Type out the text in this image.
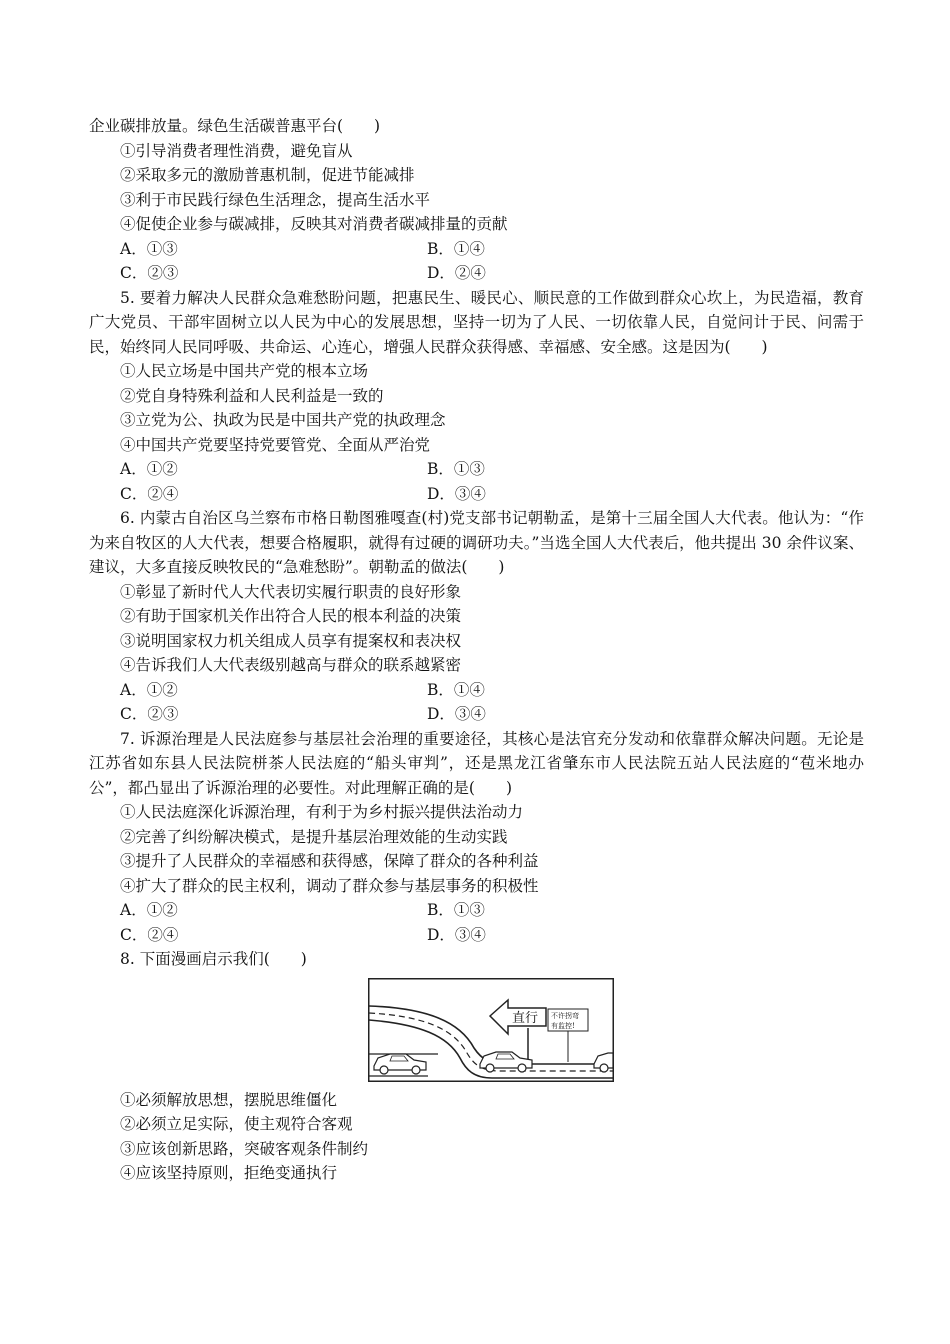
企业碳排放量。绿色生活碳普惠平台(　　)
①引导消费者理性消费，避免盲从
②采取多元的激励普惠机制，促进节能减排
③利于市民践行绿色生活理念，提高生活水平
④促使企业参与碳减排，反映其对消费者碳减排量的贡献
A．①③	B．①④
C．②③	D．②④
5. 要着力解决人民群众急难愁盼问题，把惠民生、暖民心、顺民意的工作做到群众心坎上，为民造福，教育广大党员、干部牢固树立以人民为中心的发展思想，坚持一切为了人民、一切依靠人民，自觉问计于民、问需于民，始终同人民同呼吸、共命运、心连心，增强人民群众获得感、幸福感、安全感。这是因为(　　)
①人民立场是中国共产党的根本立场
②党自身特殊利益和人民利益是一致的
③立党为公、执政为民是中国共产党的执政理念
④中国共产党要坚持党要管党、全面从严治党
A．①②	B．①③
C．②④	D．③④
6. 内蒙古自治区乌兰察布市格日勒图雅嘎查(村)党支部书记朝勒孟，是第十三届全国人大代表。他认为：“作为来自牧区的人大代表，想要合格履职，就得有过硬的调研功夫。”当选全国人大代表后，他共提出 30 余件议案、建议，大多直接反映牧民的“急难愁盼”。朝勒孟的做法(　　)
①彰显了新时代人大代表切实履行职责的良好形象
②有助于国家机关作出符合人民的根本利益的决策
③说明国家权力机关组成人员享有提案权和表决权
④告诉我们人大代表级别越高与群众的联系越紧密
A．①②	B．①④
C．②③	D．③④
7. 诉源治理是人民法庭参与基层社会治理的重要途径，其核心是法官充分发动和依靠群众解决问题。无论是江苏省如东县人民法院栟茶人民法庭的“船头审判”，还是黑龙江省肇东市人民法院五站人民法庭的“苞米地办公”，都凸显出了诉源治理的必要性。对此理解正确的是(　　)
①人民法庭深化诉源治理，有利于为乡村振兴提供法治动力
②完善了纠纷解决模式，是提升基层治理效能的生动实践
③提升了人民群众的幸福感和获得感，保障了群众的各种利益
④扩大了群众的民主权利，调动了群众参与基层事务的积极性
A．①②	B．①③
C．②④	D．③④
8. 下面漫画启示我们(　　)
直行 不许拐弯
有监控!
①必须解放思想，摆脱思维僵化
②必须立足实际，使主观符合客观
③应该创新思路，突破客观条件制约
④应该坚持原则，拒绝变通执行
